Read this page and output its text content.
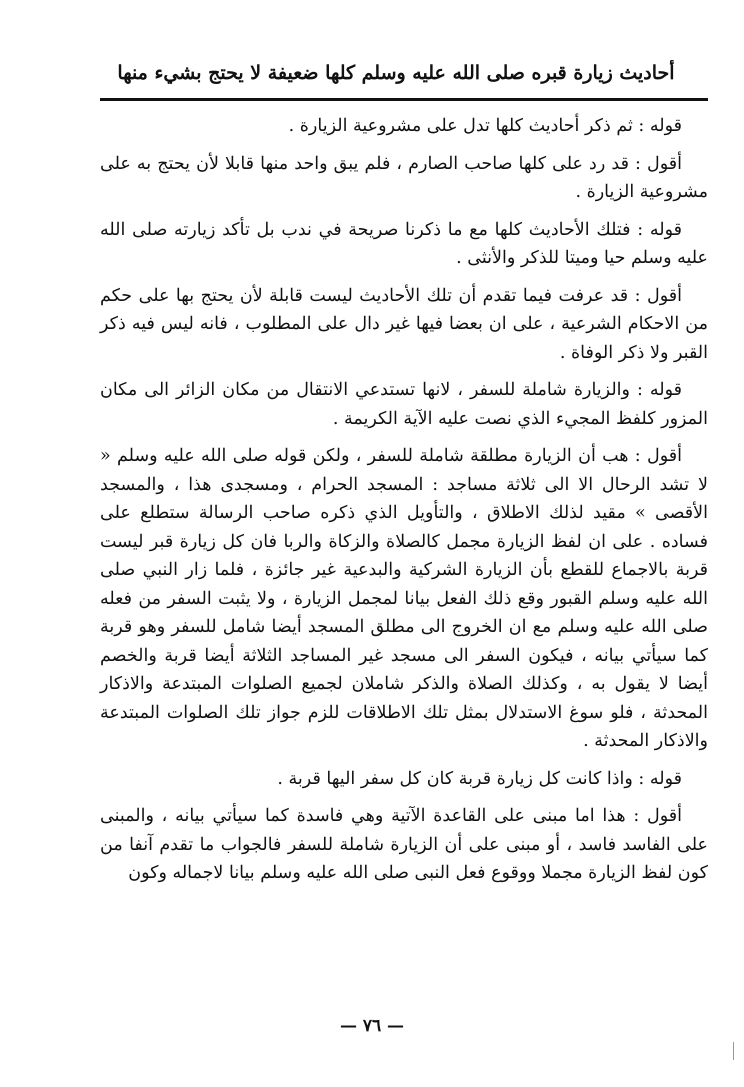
أحاديث زيارة قبره صلى الله عليه وسلم كلها ضعيفة لا يحتج بشيء منها

قوله : ثم ذكر أحاديث كلها تدل على مشروعية الزيارة .

أقول : قد رد على كلها صاحب الصارم ، فلم يبق واحد منها قابلا لأن يحتج به على مشروعية الزيارة .

قوله : فتلك الأحاديث كلها مع ما ذكرنا صريحة في ندب بل تأكد زيارته صلى الله عليه وسلم حيا وميتا للذكر والأنثى .

أقول : قد عرفت فيما تقدم أن تلك الأحاديث ليست قابلة لأن يحتج بها على حكم من الاحكام الشرعية ، على ان بعضا فيها غير دال على المطلوب ، فانه ليس فيه ذكر القبر ولا ذكر الوفاة .

قوله : والزيارة شاملة للسفر ، لانها تستدعي الانتقال من مكان الزائر الى مكان المزور كلفظ المجيء الذي نصت عليه الآية الكريمة .

أقول : هب أن الزيارة مطلقة شاملة للسفر ، ولكن قوله صلى الله عليه وسلم « لا تشد الرحال الا الى ثلاثة مساجد : المسجد الحرام ، ومسجدى هذا ، والمسجد الأقصى » مقيد لذلك الاطلاق ، والتأويل الذي ذكره صاحب الرسالة ستطلع على فساده . على ان لفظ الزيارة مجمل كالصلاة والزكاة والربا فان كل زيارة قبر ليست قربة بالاجماع للقطع بأن الزيارة الشركية والبدعية غير جائزة ، فلما زار النبي صلى الله عليه وسلم القبور وقع ذلك الفعل بيانا لمجمل الزيارة ، ولا يثبت السفر من فعله صلى الله عليه وسلم مع ان الخروج الى مطلق المسجد أيضا شامل للسفر وهو قربة كما سيأتي بيانه ، فيكون السفر الى مسجد غير المساجد الثلاثة أيضا قربة والخصم أيضا لا يقول به ، وكذلك الصلاة والذكر شاملان لجميع الصلوات المبتدعة والاذكار المحدثة ، فلو سوغ الاستدلال بمثل تلك الاطلاقات للزم جواز تلك الصلوات المبتدعة والاذكار المحدثة .

قوله : واذا كانت كل زيارة قربة كان كل سفر اليها قربة .

أقول : هذا اما مبنى على القاعدة الآتية وهي فاسدة كما سيأتي بيانه ، والمبنى على الفاسد فاسد ، أو مبنى على أن الزيارة شاملة للسفر فالجواب ما تقدم آنفا من كون لفظ الزيارة مجملا ووقوع فعل النبى صلى الله عليه وسلم بيانا لاجماله وكون

— ٧٦ —
